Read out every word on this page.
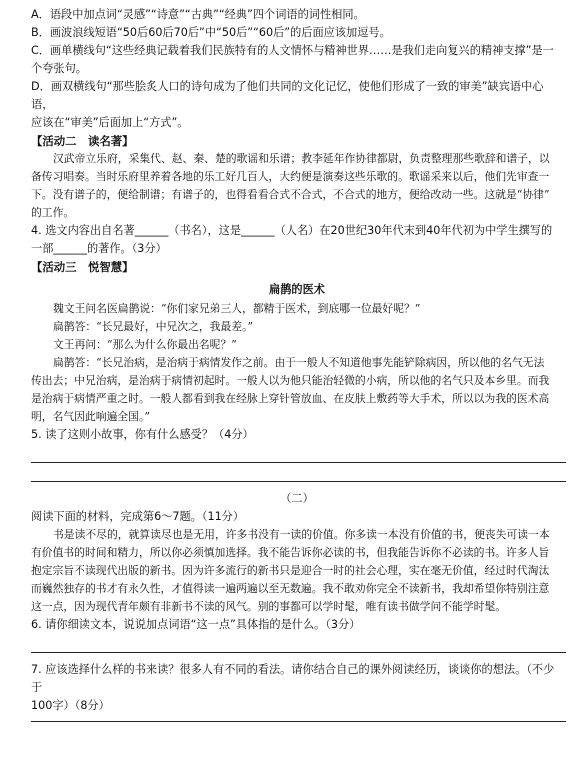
A．语段中加点词“灵感”“诗意”“古典”“经典”四个词语的词性相同。

B．画波浪线短语“50后60后70后”中“50后”“60后”的后面应该加逗号。

C．画单横线句“这些经典记载着我们民族特有的人文情怀与精神世界……是我们走向复兴的精神支撑”是一

个夸张句。

D．画双横线句“那些脍炙人口的诗句成为了他们共同的文化记忆，使他们形成了一致的审美”缺宾语中心语，

应该在“审美”后面加上“方式”。

【活动二　读名著】

汉武帝立乐府，采集代、赵、秦、楚的歌谣和乐谱；教李延年作协律都尉，负责整理那些歌辞和谱子，以

备传习唱奏。当时乐府里养着各地的乐工好几百人，大约便是演奏这些乐歌的。歌谣采来以后，他们先审查一

下。没有谱子的，便给制谱；有谱子的，也得看看合式不合式，不合式的地方，便给改动一些。这就是“协律”

的工作。

4. 选文内容出自名著______（书名），这是______（人名）在20世纪30年代末到40年代初为中学生撰写的

一部______的著作。（3分）

【活动三　悦智慧】

扁鹊的医术

魏文王问名医扁鹊说：“你们家兄弟三人，都精于医术，到底哪一位最好呢？”

扁鹊答：“长兄最好，中兄次之，我最差。”

文王再问：“那么为什么你最出名呢？”

扁鹊答：“长兄治病，是治病于病情发作之前。由于一般人不知道他事先能铲除病因，所以他的名气无法

传出去；中兄治病，是治病于病情初起时。一般人以为他只能治轻微的小病，所以他的名气只及本乡里。而我

是治病于病情严重之时。一般人都看到我在经脉上穿针管放血、在皮肤上敷药等大手术，所以以为我的医术高

明，名气因此响遍全国。”

5. 读了这则小故事，你有什么感受？（4分）

（二）

阅读下面的材料，完成第6～7题。（11分）

书是读不尽的，就算读尽也是无用，许多书没有一读的价值。你多读一本没有价值的书，便丧失可读一本

有价值书的时间和精力，所以你必须慎加选择。我不能告诉你必读的书，但我能告诉你不必读的书。许多人旨

抱定宗旨不读现代出版的新书。因为许多流行的新书只是迎合一时的社会心理，实在毫无价值，经过时代淘汰

而巍然独存的书才有永久性，才值得读一遍两遍以至无数遍。我不敢劝你完全不读新书，我却希望你特别注意

这一点，因为现代青年颇有非新书不读的风气。别的事都可以学时髦，唯有读书做学问不能学时髦。

6. 请你细读文本，说说加点词语“这一点”具体指的是什么。（3分）

7. 应该选择什么样的书来读？很多人有不同的看法。请你结合自己的课外阅读经历，谈谈你的想法。（不少于

100字）（8分）
